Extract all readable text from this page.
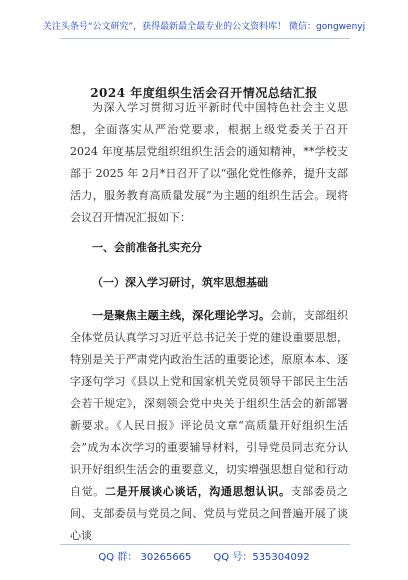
关注头条号“公文研究”，获得最新最全最专业的公文资料库！ 微信：gongwenyj
2024 年度组织生活会召开情况总结汇报

为深入学习贯彻习近平新时代中国特色社会主义思想，全面落实从严治党要求，根据上级党委关于召开 2024 年度基层党组织组织生活会的通知精神，**学校支部于 2025 年 2月*日召开了以“强化党性修养，提升支部活力，服务教育高质量发展”为主题的组织生活会。现将会议召开情况汇报如下：

一、会前准备扎实充分
（一）深入学习研讨，筑牢思想基础

一是聚焦主题主线，深化理论学习。会前，支部组织全体党员认真学习习近平总书记关于党的建设重要思想，特别是关于严肃党内政治生活的重要论述，原原本本、逐字逐句学习《县以上党和国家机关党员领导干部民主生活会若干规定》，深刻领会党中央关于组织生活会的新部署新要求。《人民日报》评论员文章“高质量开好组织生活会”成为本次学习的重要辅导材料，引导党员同志充分认识开好组织生活会的重要意义，切实增强思想自觉和行动自觉。二是开展谈心谈话，沟通思想认识。支部委员之间、支部委员与党员之间、党员与党员之间普遍开展了谈心谈

QQ 群： 30265665 QQ 号：535304092
